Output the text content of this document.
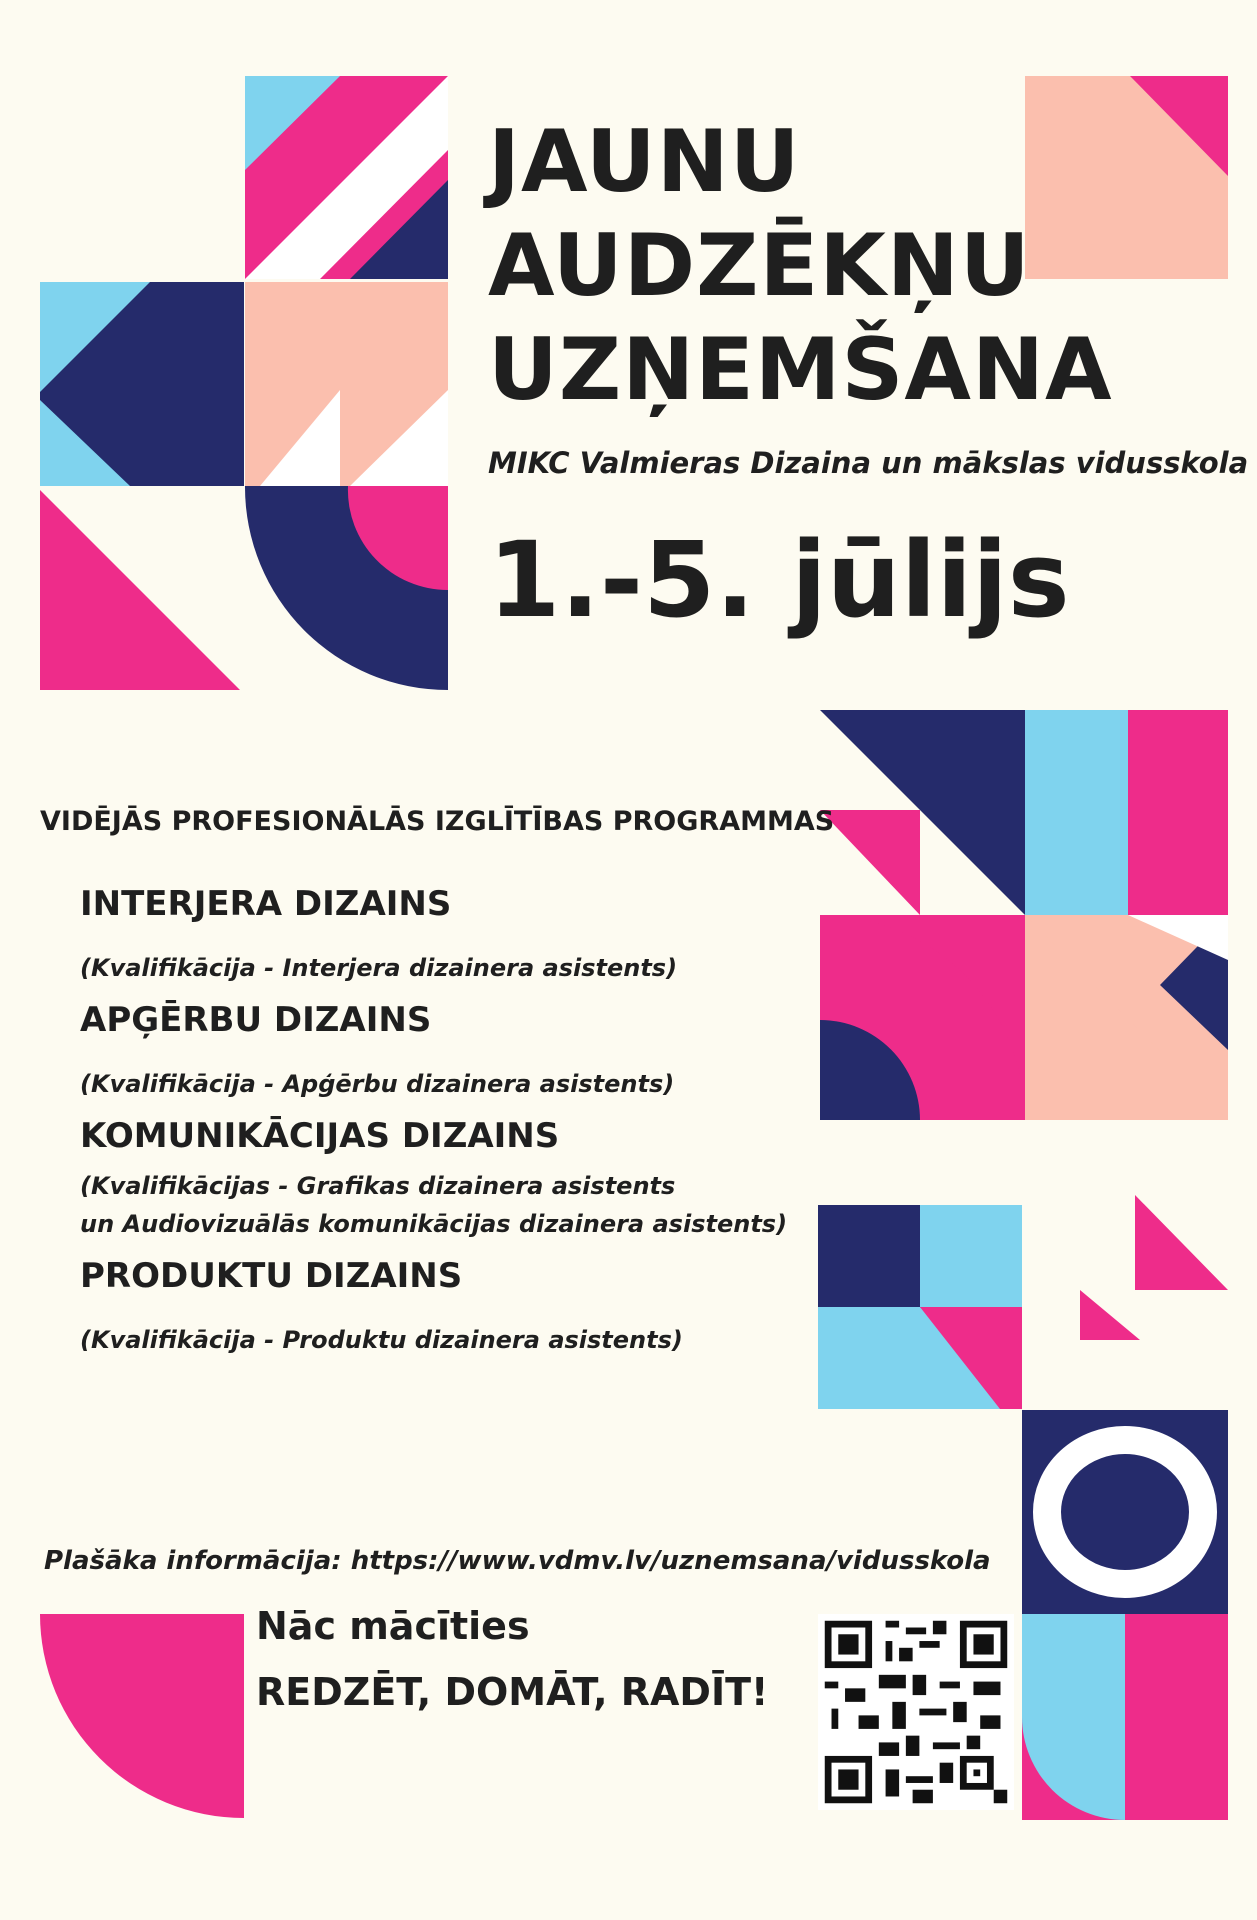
JAUNU
AUDZĒKŅU
UZŅEMŠANA

MIKC Valmieras Dizaina un mākslas vidusskola

1.-5. jūlijs

VIDĒJĀS PROFESIONĀLĀS IZGLĪTĪBAS PROGRAMMAS

INTERJERA DIZAINS

(Kvalifikācija - Interjera dizainera asistents)

APĢĒRBU DIZAINS

(Kvalifikācija - Apģērbu dizainera asistents)

KOMUNIKĀCIJAS DIZAINS

(Kvalifikācijas - Grafikas dizainera asistents

un Audiovizuālās komunikācijas dizainera asistents)

PRODUKTU DIZAINS

(Kvalifikācija - Produktu dizainera asistents)

Plašāka informācija: https://www.vdmv.lv/uznemsana/vidusskola

Nāc mācīties

REDZĒT, DOMĀT, RADĪT!
